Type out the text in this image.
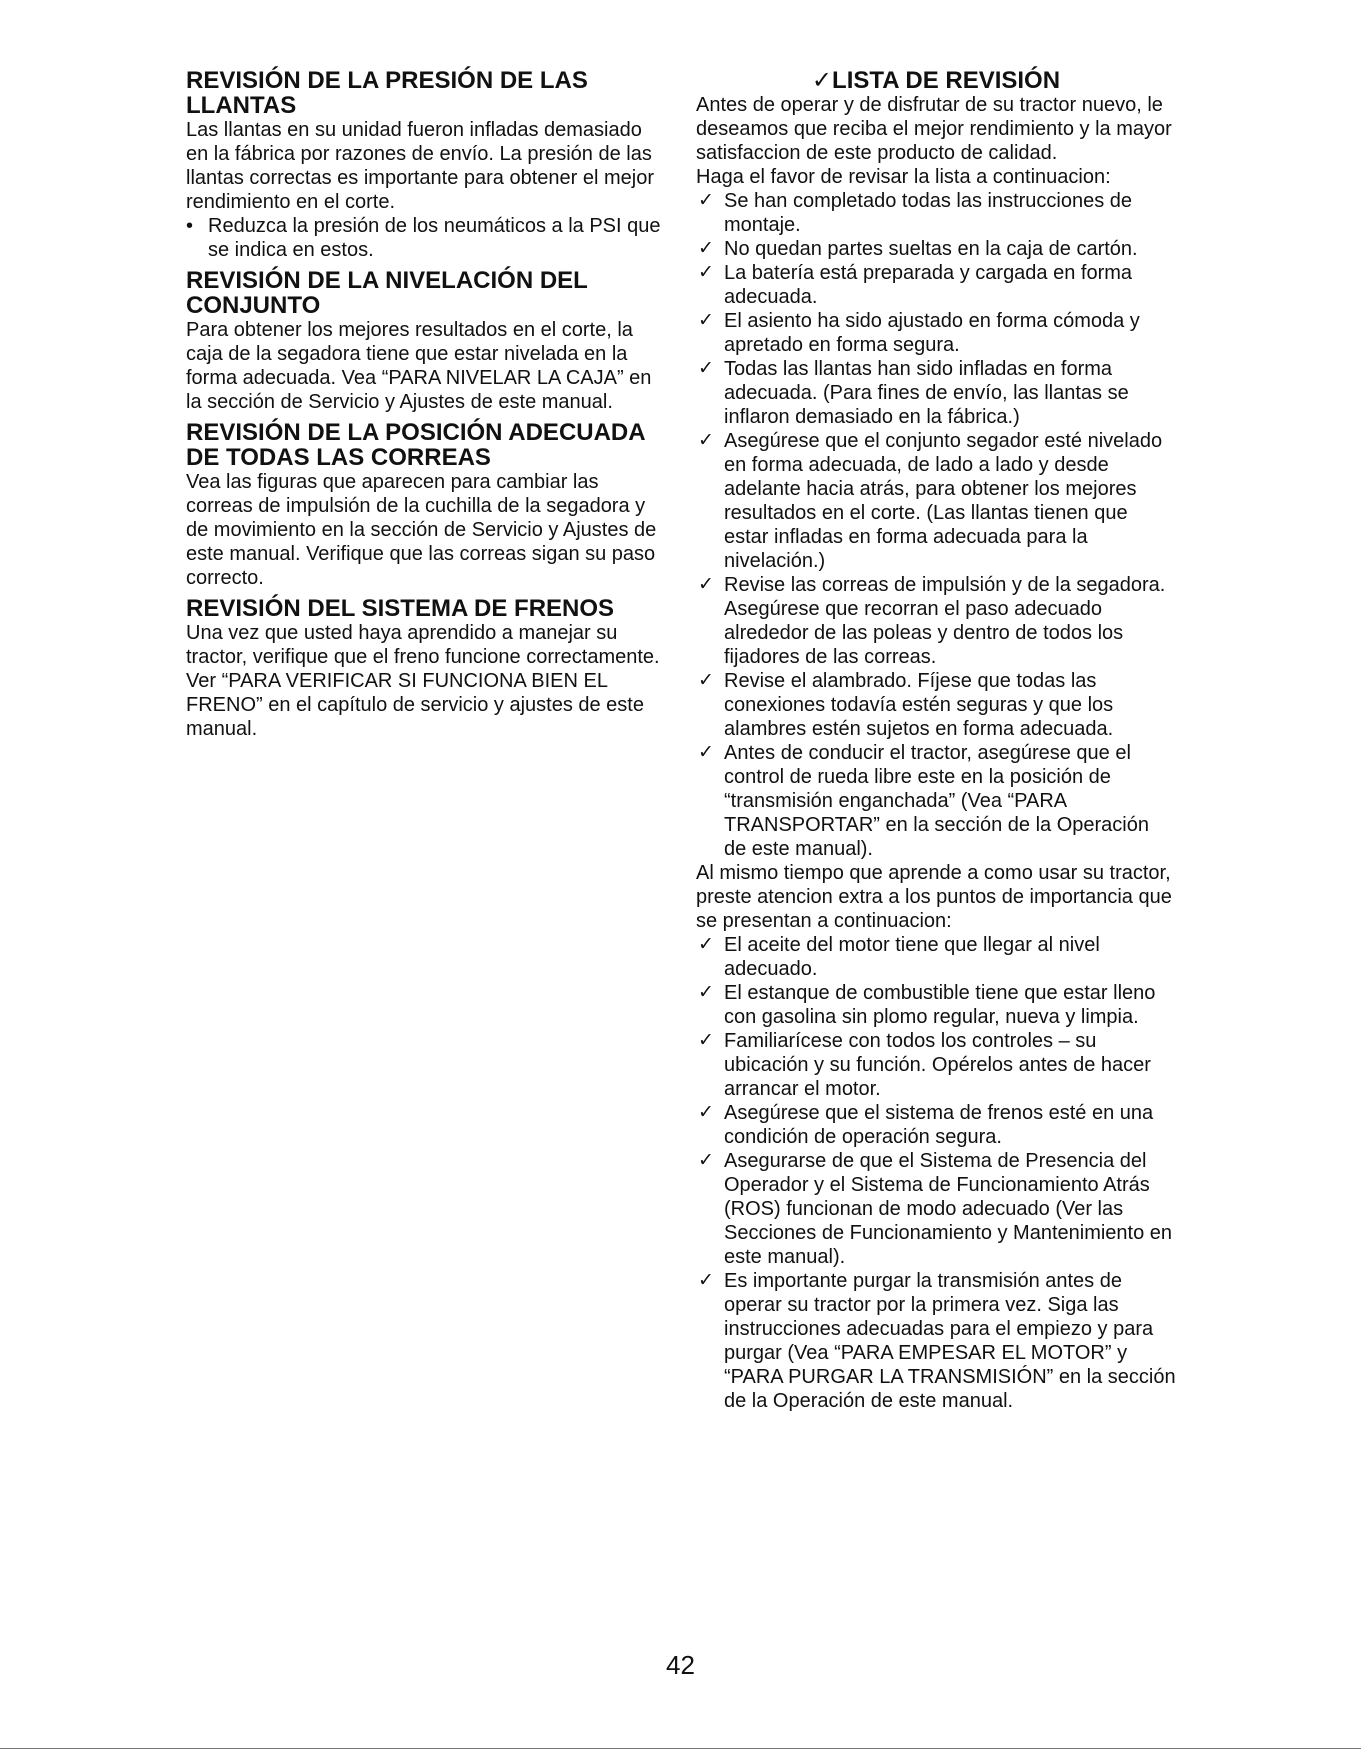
REVISIÓN DE LA PRESIÓN DE LAS LLANTAS

Las llantas en su unidad fueron infladas demasiado en la fábrica por razones de envío. La presión de las llantas correctas es importante para obtener el mejor rendimiento en el corte.

• Reduzca la presión de los neumáticos a la PSI que se indica en estos.
REVISIÓN DE LA NIVELACIÓN DEL CONJUNTO

Para obtener los mejores resultados en el corte, la caja de la segadora tiene que estar nivelada en la forma adecuada. Vea “PARA NIVELAR LA CAJA” en la sección de Servicio y Ajustes de este manual.

REVISIÓN DE LA POSICIÓN ADECUADA DE TODAS LAS CORREAS

Vea las figuras que aparecen para cambiar las correas de impulsión de la cuchilla de la segadora y de movimiento en la sección de Servicio y Ajustes de este manual. Verifique que las correas sigan su paso correcto.

REVISIÓN DEL SISTEMA DE FRENOS

Una vez que usted haya aprendido a manejar su tractor, verifique que el freno funcione correctamente. Ver “PARA VERIFICAR SI FUNCIONA BIEN EL FRENO” en el capítulo de servicio y ajustes de este manual.

✓LISTA DE REVISIÓN

Antes de operar y de disfrutar de su tractor nuevo, le deseamos que reciba el mejor rendimiento y la mayor satisfaccion de este producto de calidad.

Haga el favor de revisar la lista a continuacion:

✓ Se han completado todas las instrucciones de montaje.
✓ No quedan partes sueltas en la caja de cartón.
✓ La batería está preparada y cargada en forma adecuada.
✓ El asiento ha sido ajustado en forma cómoda y apretado en forma segura.
✓ Todas las llantas han sido infladas en forma adecuada. (Para fines de envío, las llantas se inflaron demasiado en la fábrica.)
✓ Asegúrese que el conjunto segador esté nivelado en forma adecuada, de lado a lado y desde adelante hacia atrás, para obtener los mejores resultados en el corte. (Las llantas tienen que estar infladas en forma adecuada para la nivelación.)
✓ Revise las correas de impulsión y de la segadora. Asegúrese que recorran el paso adecuado alrededor de las poleas y dentro de todos los fijadores de las correas.
✓ Revise el alambrado. Fíjese que todas las conexiones todavía estén seguras y que los alambres estén sujetos en forma adecuada.
✓ Antes de conducir el tractor, asegúrese que el control de rueda libre este en la posición de “transmisión enganchada” (Vea “PARA TRANSPORTAR” en la sección de la Operación de este manual).

Al mismo tiempo que aprende a como usar su tractor, preste atencion extra a los puntos de importancia que se presentan a continuacion:

✓ El aceite del motor tiene que llegar al nivel adecuado.
✓ El estanque de combustible tiene que estar lleno con gasolina sin plomo regular, nueva y limpia.
✓ Familiarícese con todos los controles – su ubicación y su función. Opérelos antes de hacer arrancar el motor.
✓ Asegúrese que el sistema de frenos esté en una condición de operación segura.
✓ Asegurarse de que el Sistema de Presencia del Operador y el Sistema de Funcionamiento Atrás (ROS) funcionan de modo adecuado (Ver las Secciones de Funcionamiento y Mantenimiento en este manual).
✓ Es importante purgar la transmisión antes de operar su tractor por la primera vez. Siga las instrucciones adecuadas para el empiezo y para purgar (Vea “PARA EMPESAR EL MOTOR” y “PARA PURGAR LA TRANSMISIÓN” en la sección de la Operación de este manual.
42
